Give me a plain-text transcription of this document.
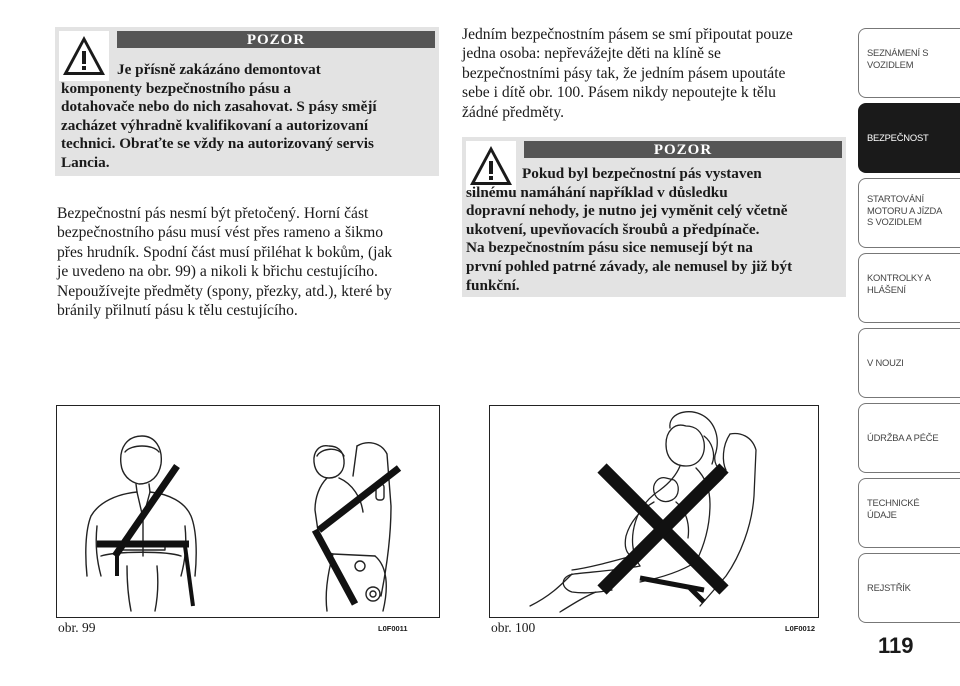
POZOR
Je přísně zakázáno demontovat
komponenty bezpečnostního pásu a
dotahovače nebo do nich zasahovat. S pásy smějí
zacházet výhradně kvalifikovaní a autorizovaní
technici. Obraťte se vždy na autorizovaný servis
Lancia.
Bezpečnostní pás nesmí být přetočený. Horní část
bezpečnostního pásu musí vést přes rameno a šikmo
přes hrudník. Spodní část musí přiléhat k bokům, (jak
je uvedeno na obr. 99) a nikoli k břichu cestujícího.
Nepoužívejte předměty (spony, přezky, atd.), které by
bránily přilnutí pásu k tělu cestujícího.
Jedním bezpečnostním pásem se smí připoutat pouze
jedna osoba: nepřevážejte děti na klíně se
bezpečnostními pásy tak, že jedním pásem upoutáte
sebe i dítě obr. 100. Pásem nikdy nepoutejte k tělu
žádné předměty.
POZOR
Pokud byl bezpečnostní pás vystaven
silnému namáhání například v důsledku
dopravní nehody, je nutno jej vyměnit celý včetně
ukotvení, upevňovacích šroubů a předpínače.
Na bezpečnostním pásu sice nemusejí být na
první pohled patrné závady, ale nemusel by již být
funkční.
obr. 99	L0F0011	obr. 100	L0F0012
119
SEZNÁMENÍ S
VOZIDLEM
BEZPEČNOST
STARTOVÁNÍ
MOTORU A JÍZDA
S VOZIDLEM
KONTROLKY A
HLÁŠENÍ
V NOUZI
ÚDRŽBA A PÉČE
TECHNICKÉ
ÚDAJE
REJSTŘÍK
